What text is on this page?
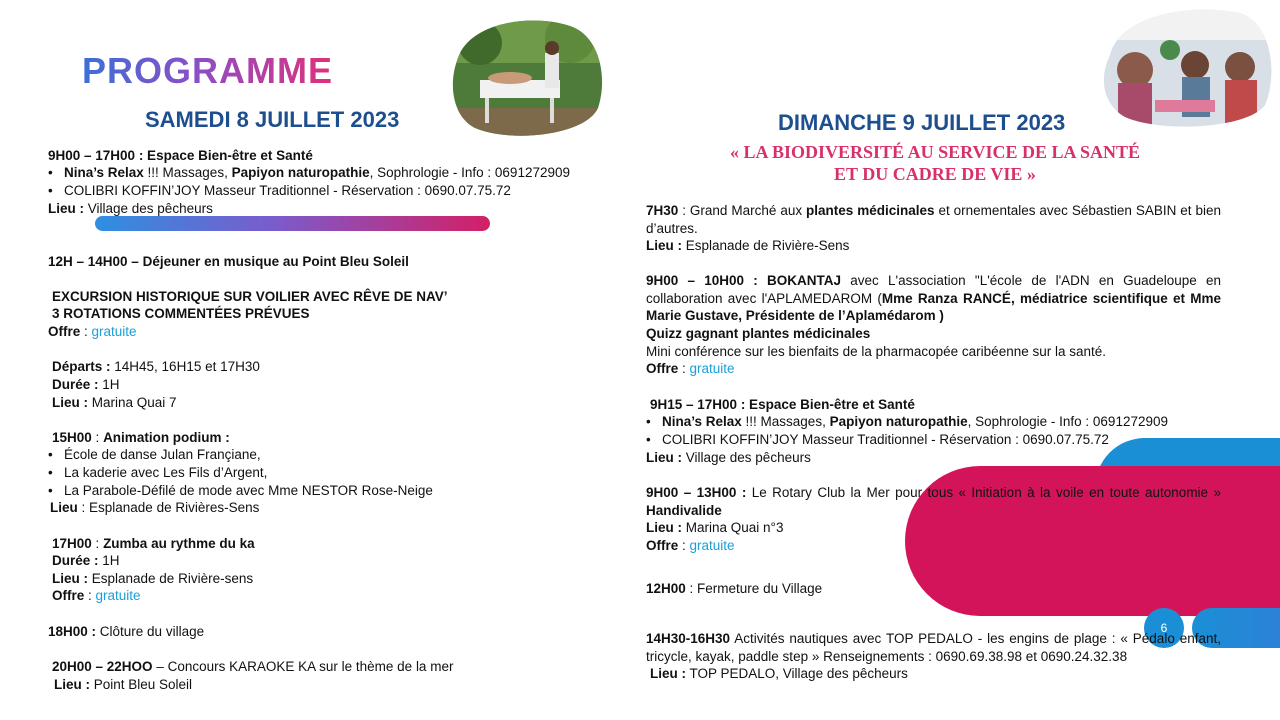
6
PROGRAMME
SAMEDI 8 JUILLET 2023
9H00 – 17H00 : Espace Bien-être et Santé
•   Nina’s Relax !!! Massages, Papiyon naturopathie, Sophrologie - Info : 0691272909
•   COLIBRI KOFFIN’JOY Masseur Traditionnel - Réservation : 0690.07.75.72
Lieu : Village des pêcheurs
12H – 14H00 – Déjeuner en musique au Point Bleu Soleil
EXCURSION HISTORIQUE SUR VOILIER AVEC RÊVE DE NAV’
3 ROTATIONS COMMENTÉES PRÉVUES
Offre : gratuite
Départs : 14H45, 16H15 et 17H30
Durée : 1H
Lieu : Marina Quai 7
15H00 : Animation podium :
•   École de danse Julan Françiane,
•   La kaderie avec Les Fils d’Argent,
•   La Parabole-Défilé de mode avec Mme NESTOR Rose-Neige
Lieu : Esplanade de Rivières-Sens
17H00 : Zumba au rythme du ka
Durée : 1H
Lieu : Esplanade de Rivière-sens
Offre : gratuite
18H00 : Clôture du village
20H00 – 22HOO – Concours KARAOKE KA sur le thème de la mer
Lieu : Point Bleu Soleil
DIMANCHE 9 JUILLET 2023
« LA BIODIVERSITÉ AU SERVICE DE LA SANTÉ
ET DU CADRE DE VIE »
7H30 : Grand Marché aux plantes médicinales et ornementales avec Sébastien SABIN et bien d’autres.
Lieu : Esplanade de Rivière-Sens
9H00 – 10H00 : BOKANTAJ avec L'association "L'école de l'ADN en Guadeloupe en collaboration avec l'APLAMEDAROM (Mme Ranza RANCÉ, médiatrice scientifique et Mme Marie Gustave, Présidente de l’Aplamédarom )
Quizz gagnant plantes médicinales
Mini conférence sur les bienfaits de la pharmacopée caribéenne sur la santé.
Offre : gratuite
9H15 – 17H00 : Espace Bien-être et Santé
•   Nina’s Relax !!! Massages, Papiyon naturopathie, Sophrologie - Info : 0691272909
•   COLIBRI KOFFIN’JOY Masseur Traditionnel - Réservation : 0690.07.75.72
Lieu : Village des pêcheurs
9H00 – 13H00 : Le Rotary Club la Mer pour tous « Initiation à la voile en toute autonomie » Handivalide
Lieu : Marina Quai n°3
Offre : gratuite
12H00 : Fermeture du Village
14H30-16H30 Activités nautiques avec TOP PEDALO - les engins de plage : « Pédalo enfant, tricycle, kayak, paddle step » Renseignements : 0690.69.38.98 et 0690.24.32.38
Lieu : TOP PEDALO, Village des pêcheurs
